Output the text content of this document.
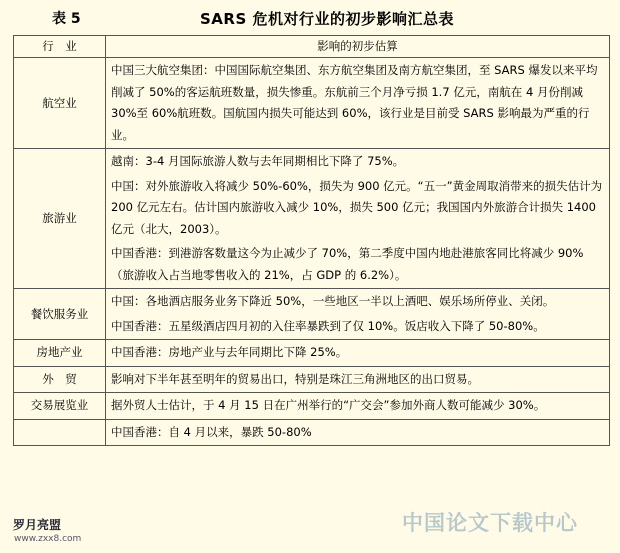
表 5	SARS 危机对行业的初步影响汇总表
行　业	影响的初步估算
航空业	中国三大航空集团：中国国际航空集团、东方航空集团及南方航空集团，至 SARS 爆发以来平均削减了 50%的客运航班数量，损失惨重。东航前三个月净亏损 1.7 亿元，南航在 4 月份削减 30%至 60%航班数。国航国内损失可能达到 60%，该行业是目前受 SARS 影响最为严重的行业。

旅游业	越南：3-4 月国际旅游人数与去年同期相比下降了 75%。

中国：对外旅游收入将减少 50%-60%，损失为 900 亿元。“五一”黄金周取消带来的损失估计为 200 亿元左右。估计国内旅游收入减少 10%，损失 500 亿元；我国国内外旅游合计损失 1400 亿元（北大，2003）。

中国香港：到港游客数量这今为止减少了 70%，第二季度中国内地赴港旅客同比将减少 90%（旅游收入占当地零售收入的 21%，占 GDP 的 6.2%）。

餐饮服务业	中国：各地酒店服务业务下降近 50%，一些地区一半以上酒吧、娱乐场所停业、关闭。

中国香港：五星级酒店四月初的入住率暴跌到了仅 10%。饭店收入下降了 50-80%。

房地产业	中国香港：房地产业与去年同期比下降 25%。

外　贸	影响对下半年甚至明年的贸易出口，特别是珠江三角洲地区的出口贸易。

交易展览业	据外贸人士估计，于 4 月 15 日在广州举行的“广交会”参加外商人数可能减少 30%。

	中国香港：自 4 月以来，暴跌 50-80%

中国论文下载中心
罗月亮盟
www.zxx8.com
